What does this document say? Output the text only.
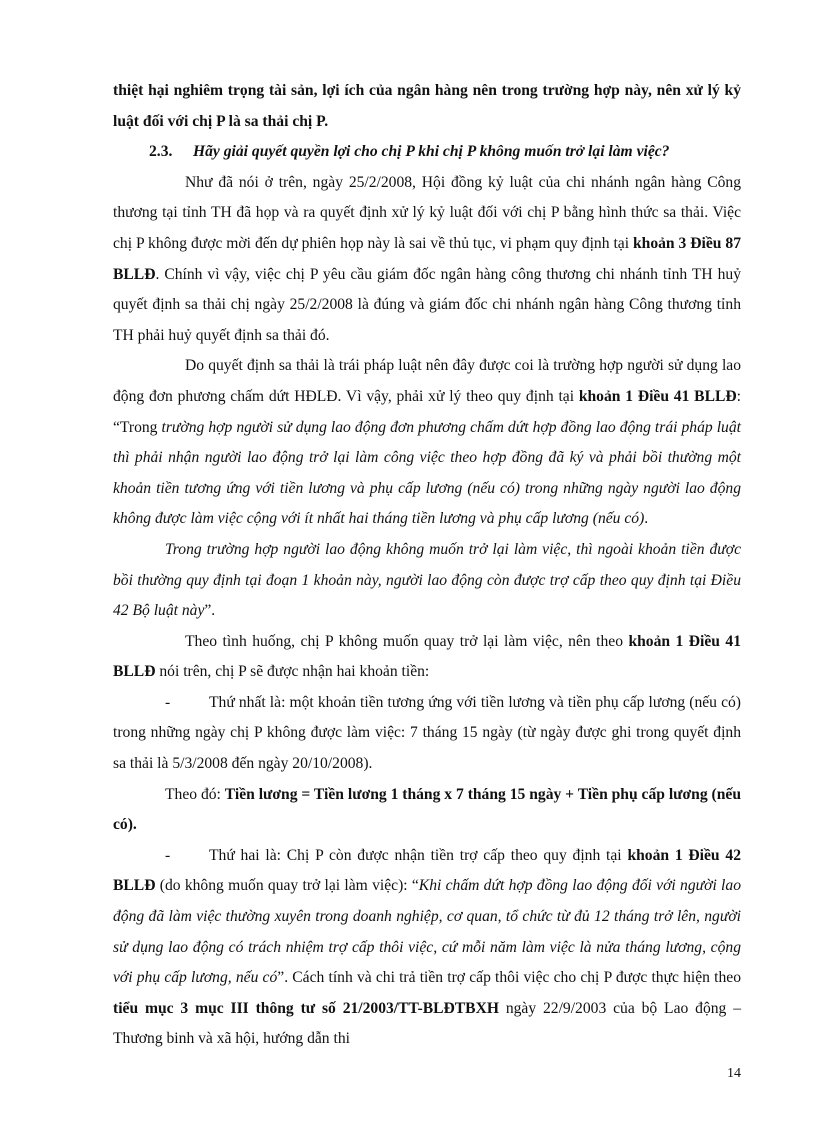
thiệt hại nghiêm trọng tài sản, lợi ích của ngân hàng nên trong trường hợp này, nên xử lý kỷ luật đối với chị P là sa thải chị P.

2.3. Hãy giải quyết quyền lợi cho chị P khi chị P không muốn trở lại làm việc?

Như đã nói ở trên, ngày 25/2/2008, Hội đồng kỷ luật của chi nhánh ngân hàng Công thương tại tỉnh TH đã họp và ra quyết định xử lý kỷ luật đối với chị P bằng hình thức sa thải. Việc chị P không được mời đến dự phiên họp này là sai về thủ tục, vi phạm quy định tại khoản 3 Điều 87 BLLĐ. Chính vì vậy, việc chị P yêu cầu giám đốc ngân hàng công thương chi nhánh tỉnh TH huỷ quyết định sa thải chị ngày 25/2/2008 là đúng và giám đốc chi nhánh ngân hàng Công thương tỉnh TH phải huỷ quyết định sa thải đó.

Do quyết định sa thải là trái pháp luật nên đây được coi là trường hợp người sử dụng lao động đơn phương chấm dứt HĐLĐ. Vì vậy, phải xử lý theo quy định tại khoản 1 Điều 41 BLLĐ: “Trong trường hợp người sử dụng lao động đơn phương chấm dứt hợp đồng lao động trái pháp luật thì phải nhận người lao động trở lại làm công việc theo hợp đồng đã ký và phải bồi thường một khoản tiền tương ứng với tiền lương và phụ cấp lương (nếu có) trong những ngày người lao động không được làm việc cộng với ít nhất hai tháng tiền lương và phụ cấp lương (nếu có).

Trong trường hợp người lao động không muốn trở lại làm việc, thì ngoài khoản tiền được bồi thường quy định tại đoạn 1 khoản này, người lao động còn được trợ cấp theo quy định tại Điều 42 Bộ luật này”.

Theo tình huống, chị P không muốn quay trở lại làm việc, nên theo khoản 1 Điều 41 BLLĐ nói trên, chị P sẽ được nhận hai khoản tiền:

- Thứ nhất là: một khoản tiền tương ứng với tiền lương và tiền phụ cấp lương (nếu có) trong những ngày chị P không được làm việc: 7 tháng 15 ngày (từ ngày được ghi trong quyết định sa thải là 5/3/2008 đến ngày 20/10/2008).

Theo đó: Tiền lương = Tiền lương 1 tháng x 7 tháng 15 ngày + Tiền phụ cấp lương (nếu có).

- Thứ hai là: Chị P còn được nhận tiền trợ cấp theo quy định tại khoản 1 Điều 42 BLLĐ (do không muốn quay trở lại làm việc): “Khi chấm dứt hợp đồng lao động đối với người lao động đã làm việc thường xuyên trong doanh nghiệp, cơ quan, tổ chức từ đủ 12 tháng trở lên, người sử dụng lao động có trách nhiệm trợ cấp thôi việc, cứ mỗi năm làm việc là nửa tháng lương, cộng với phụ cấp lương, nếu có”. Cách tính và chi trả tiền trợ cấp thôi việc cho chị P được thực hiện theo tiểu mục 3 mục III thông tư số 21/2003/TT-BLĐTBXH ngày 22/9/2003 của bộ Lao động – Thương binh và xã hội, hướng dẫn thi

14
